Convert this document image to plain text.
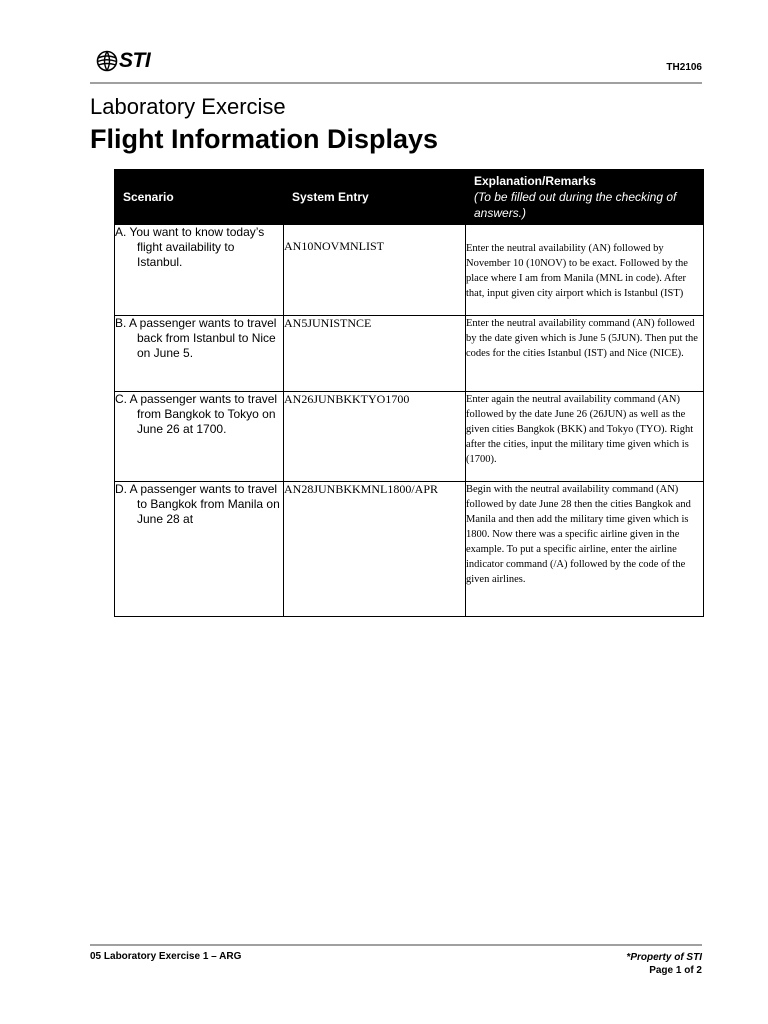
STI	TH2106
Laboratory Exercise
Flight Information Displays
Scenario	System Entry	Explanation/Remarks
(To be filled out during the checking of answers.)

A. You want to know today’s flight availability to Istanbul.	AN10NOVMNLIST	Enter the neutral availability (AN) followed by November 10 (10NOV) to be exact. Followed by the place where I am from Manila (MNL in code). After that, input given city airport which is Istanbul (IST)

B. A passenger wants to travel back from Istanbul to Nice on June 5.	AN5JUNISTNCE	Enter the neutral availability command (AN) followed by the date given which is June 5 (5JUN). Then put the codes for the cities Istanbul (IST) and Nice (NICE).

C. A passenger wants to travel from Bangkok to Tokyo on June 26 at 1700.	AN26JUNBKKTYO1700	Enter again the neutral availability command (AN) followed by the date June 26 (26JUN) as well as the given cities Bangkok (BKK) and Tokyo (TYO). Right after the cities, input the military time given which is (1700).

D. A passenger wants to travel to Bangkok from Manila on June 28 at	AN28JUNBKKMNL1800/APR	Begin with the neutral availability command (AN) followed by date June 28 then the cities Bangkok and Manila and then add the military time given which is 1800. Now there was a specific airline given in the example. To put a specific airline, enter the airline indicator command (/A) followed by the code of the given airlines.
05 Laboratory Exercise 1 – ARG	*Property of STI
Page 1 of 2
